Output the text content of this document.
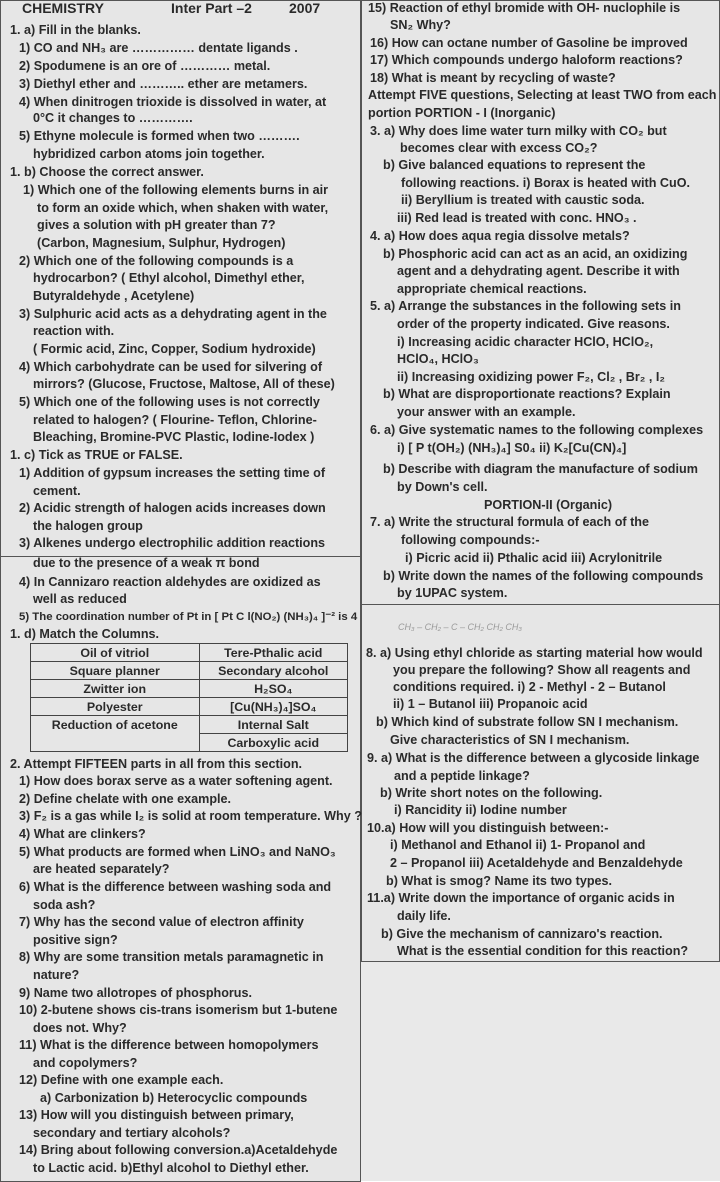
CHEMISTRY	Inter Part –2	2007
1. a) Fill in the blanks.
1) CO and NH₃ are …………… dentate ligands .
2) Spodumene is an ore of ………… metal.
3) Diethyl ether and ……….. ether are metamers.
4) When dinitrogen trioxide is dissolved in water, at
0°C it changes to ………….
5) Ethyne molecule is formed when two ……….
hybridized carbon atoms join together.
1. b) Choose the correct answer.
1) Which one of the following elements burns in air
to form an oxide which, when shaken with water,
gives a solution with pH greater than 7?
(Carbon, Magnesium, Sulphur, Hydrogen)
2) Which one of the following compounds is a
hydrocarbon? ( Ethyl alcohol, Dimethyl ether,
Butyraldehyde , Acetylene)
3) Sulphuric acid acts as a dehydrating agent in the
reaction with.
( Formic acid, Zinc, Copper, Sodium hydroxide)
4) Which carbohydrate can be used for silvering of
mirrors? (Glucose, Fructose, Maltose, All of these)
5) Which one of the following uses is not correctly
related to halogen? ( Flourine- Teflon, Chlorine-
Bleaching, Bromine-PVC Plastic, Iodine-Iodex )
1. c) Tick as TRUE or FALSE.
1) Addition of gypsum increases the setting time of
cement.
2) Acidic strength of halogen acids increases down
the halogen group
3) Alkenes undergo electrophilic addition reactions
due to the presence of a weak π bond
4) In Cannizaro reaction aldehydes are oxidized as
well as reduced
5) The coordination number of Pt in [ Pt C l(NO₂) (NH₃)₄ ]⁻² is 4
1. d) Match the Columns.
Oil of vitriol	Tere-Pthalic acid
Square planner	Secondary alcohol
Zwitter ion	H₂SO₄
Polyester	[Cu(NH₃)₄]SO₄
Reduction of acetone	Internal Salt
	Carboxylic acid
2. Attempt FIFTEEN parts in all from this section.
1) How does borax serve as a water softening agent.
2) Define chelate with one example.
3) F₂ is a gas while I₂ is solid at room temperature. Why ?
4) What are clinkers?
5) What products are formed when LiNO₃ and NaNO₃
are heated separately?
6) What is the difference between washing soda and
soda ash?
7) Why has the second value of electron affinity
positive sign?
8) Why are some transition metals paramagnetic in
nature?
9) Name two allotropes of phosphorus.
10) 2-butene shows cis-trans isomerism but 1-butene
does not. Why?
11) What is the difference between homopolymers
and copolymers?
12) Define with one example each.
a) Carbonization b) Heterocyclic compounds
13) How will you distinguish between primary,
secondary and tertiary alcohols?
14) Bring about following conversion.a)Acetaldehyde
to Lactic acid. b)Ethyl alcohol to Diethyl ether.
15) Reaction of ethyl bromide with OH- nuclophile is
SN₂ Why?
16) How can octane number of Gasoline be improved
17) Which compounds undergo haloform reactions?
18) What is meant by recycling of waste?
Attempt FIVE questions, Selecting at least TWO from each
portion PORTION - I (Inorganic)
3. a) Why does lime water turn milky with CO₂ but
becomes clear with excess CO₂?
b) Give balanced equations to represent the
following reactions. i) Borax is heated with CuO.
ii) Beryllium is treated with caustic soda.
iii) Red lead is treated with conc. HNO₃ .
4. a) How does aqua regia dissolve metals?
b) Phosphoric acid can act as an acid, an oxidizing
agent and a dehydrating agent. Describe it with
appropriate chemical reactions.
5. a) Arrange the substances in the following sets in
order of the property indicated. Give reasons.
i) Increasing acidic character HClO, HClO₂,
HClO₄, HClO₃
ii) Increasing oxidizing power F₂, Cl₂ , Br₂ , I₂
b) What are disproportionate reactions? Explain
your answer with an example.
6. a) Give systematic names to the following complexes
i) [ P t(OH₂) (NH₃)₄] S0₄ ii) K₂[Cu(CN)₄]
b) Describe with diagram the manufacture of sodium
by Down's cell.
PORTION-II (Organic)
7. a) Write the structural formula of each of the
following compounds:-
i) Picric acid ii) Pthalic acid iii) Acrylonitrile
b) Write down the names of the following compounds
by 1UPAC system.
CH₃ – CH₂ – C – CH₂ CH₂ CH₃
8. a) Using ethyl chloride as starting material how would
you prepare the following? Show all reagents and
conditions required. i) 2 - Methyl - 2 – Butanol
ii) 1 – Butanol iii) Propanoic acid
b) Which kind of substrate follow SN I mechanism.
Give characteristics of SN I mechanism.
9. a) What is the difference between a glycoside linkage
and a peptide linkage?
b) Write short notes on the following.
i) Rancidity ii) Iodine number
10.a) How will you distinguish between:-
i) Methanol and Ethanol ii) 1- Propanol and
2 – Propanol iii) Acetaldehyde and Benzaldehyde
b) What is smog? Name its two types.
11.a) Write down the importance of organic acids in
daily life.
b) Give the mechanism of cannizaro's reaction.
What is the essential condition for this reaction?
